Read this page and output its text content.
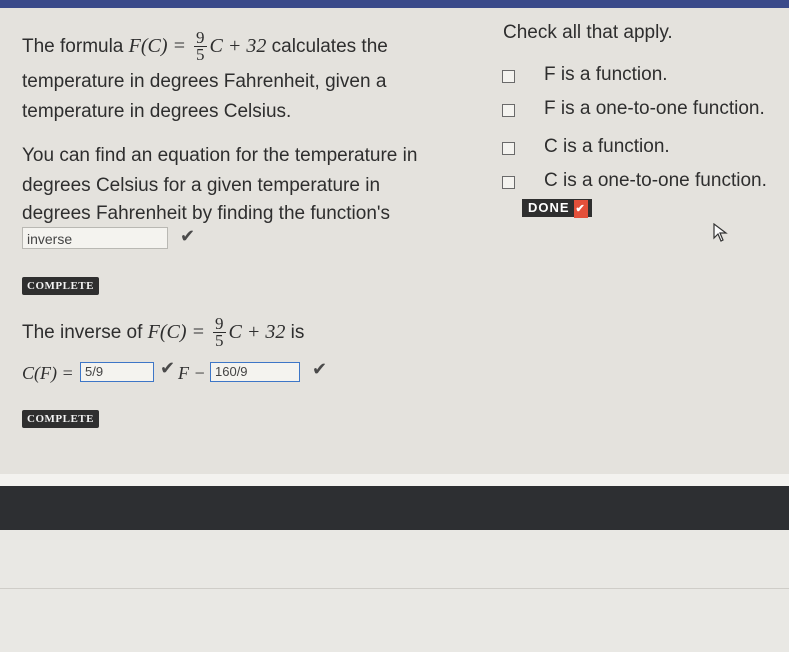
The formula $F(C) = \frac{9}{5}$ C + 32 calculates the
temperature in degrees Fahrenheit, given a
temperature in degrees Celsius.
You can find an equation for the temperature in
degrees Celsius for a given temperature in
degrees Fahrenheit by finding the function's
inverse	✔
COMPLETE
The inverse of $F(C) = \frac{9}{5}$ C + 32 is
C(F) = 5/9	✔ F − 160/9	✔
COMPLETE
Check all that apply.
F is a function.
F is a one-to-one function.
C is a function.
C is a one-to-one function.
DONE ✔
